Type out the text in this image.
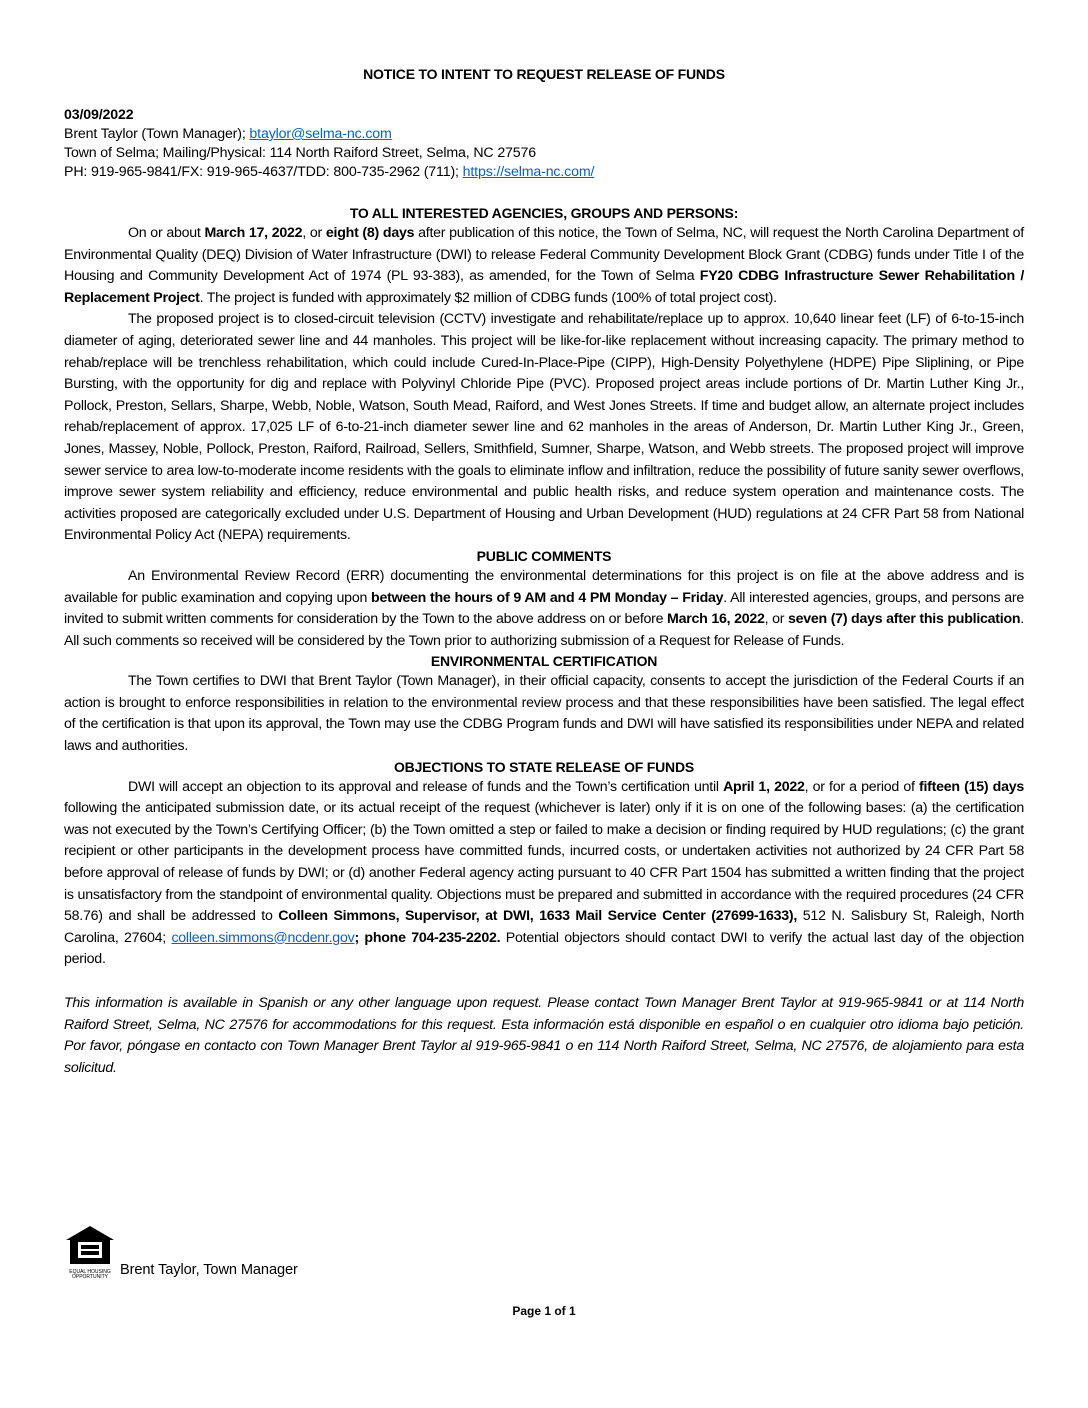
NOTICE TO INTENT TO REQUEST RELEASE OF FUNDS
03/09/2022
Brent Taylor (Town Manager); btaylor@selma-nc.com
Town of Selma; Mailing/Physical: 114 North Raiford Street, Selma, NC 27576
PH: 919-965-9841/FX: 919-965-4637/TDD: 800-735-2962 (711); https://selma-nc.com/
TO ALL INTERESTED AGENCIES, GROUPS AND PERSONS:

On or about March 17, 2022, or eight (8) days after publication of this notice, the Town of Selma, NC, will request the North Carolina Department of Environmental Quality (DEQ) Division of Water Infrastructure (DWI) to release Federal Community Development Block Grant (CDBG) funds under Title I of the Housing and Community Development Act of 1974 (PL 93-383), as amended, for the Town of Selma FY20 CDBG Infrastructure Sewer Rehabilitation / Replacement Project. The project is funded with approximately $2 million of CDBG funds (100% of total project cost).

The proposed project is to closed-circuit television (CCTV) investigate and rehabilitate/replace up to approx. 10,640 linear feet (LF) of 6-to-15-inch diameter of aging, deteriorated sewer line and 44 manholes. This project will be like-for-like replacement without increasing capacity. The primary method to rehab/replace will be trenchless rehabilitation, which could include Cured-In-Place-Pipe (CIPP), High-Density Polyethylene (HDPE) Pipe Sliplining, or Pipe Bursting, with the opportunity for dig and replace with Polyvinyl Chloride Pipe (PVC). Proposed project areas include portions of Dr. Martin Luther King Jr., Pollock, Preston, Sellars, Sharpe, Webb, Noble, Watson, South Mead, Raiford, and West Jones Streets. If time and budget allow, an alternate project includes rehab/replacement of approx. 17,025 LF of 6-to-21-inch diameter sewer line and 62 manholes in the areas of Anderson, Dr. Martin Luther King Jr., Green, Jones, Massey, Noble, Pollock, Preston, Raiford, Railroad, Sellers, Smithfield, Sumner, Sharpe, Watson, and Webb streets. The proposed project will improve sewer service to area low-to-moderate income residents with the goals to eliminate inflow and infiltration, reduce the possibility of future sanity sewer overflows, improve sewer system reliability and efficiency, reduce environmental and public health risks, and reduce system operation and maintenance costs. The activities proposed are categorically excluded under U.S. Department of Housing and Urban Development (HUD) regulations at 24 CFR Part 58 from National Environmental Policy Act (NEPA) requirements.

PUBLIC COMMENTS

An Environmental Review Record (ERR) documenting the environmental determinations for this project is on file at the above address and is available for public examination and copying upon between the hours of 9 AM and 4 PM Monday – Friday. All interested agencies, groups, and persons are invited to submit written comments for consideration by the Town to the above address on or before March 16, 2022, or seven (7) days after this publication. All such comments so received will be considered by the Town prior to authorizing submission of a Request for Release of Funds.

ENVIRONMENTAL CERTIFICATION

The Town certifies to DWI that Brent Taylor (Town Manager), in their official capacity, consents to accept the jurisdiction of the Federal Courts if an action is brought to enforce responsibilities in relation to the environmental review process and that these responsibilities have been satisfied. The legal effect of the certification is that upon its approval, the Town may use the CDBG Program funds and DWI will have satisfied its responsibilities under NEPA and related laws and authorities.

OBJECTIONS TO STATE RELEASE OF FUNDS

DWI will accept an objection to its approval and release of funds and the Town’s certification until April 1, 2022, or for a period of fifteen (15) days following the anticipated submission date, or its actual receipt of the request (whichever is later) only if it is on one of the following bases: (a) the certification was not executed by the Town’s Certifying Officer; (b) the Town omitted a step or failed to make a decision or finding required by HUD regulations; (c) the grant recipient or other participants in the development process have committed funds, incurred costs, or undertaken activities not authorized by 24 CFR Part 58 before approval of release of funds by DWI; or (d) another Federal agency acting pursuant to 40 CFR Part 1504 has submitted a written finding that the project is unsatisfactory from the standpoint of environmental quality. Objections must be prepared and submitted in accordance with the required procedures (24 CFR 58.76) and shall be addressed to Colleen Simmons, Supervisor, at DWI, 1633 Mail Service Center (27699-1633), 512 N. Salisbury St, Raleigh, North Carolina, 27604; colleen.simmons@ncdenr.gov; phone 704-235-2202. Potential objectors should contact DWI to verify the actual last day of the objection period.

This information is available in Spanish or any other language upon request. Please contact Town Manager Brent Taylor at 919-965-9841 or at 114 North Raiford Street, Selma, NC 27576 for accommodations for this request. Esta información está disponible en español o en cualquier otro idioma bajo petición. Por favor, póngase en contacto con Town Manager Brent Taylor al 919-965-9841 o en 114 North Raiford Street, Selma, NC 27576, de alojamiento para esta solicitud.

EQUAL HOUSING OPPORTUNITY Brent Taylor, Town Manager
Page 1 of 1
